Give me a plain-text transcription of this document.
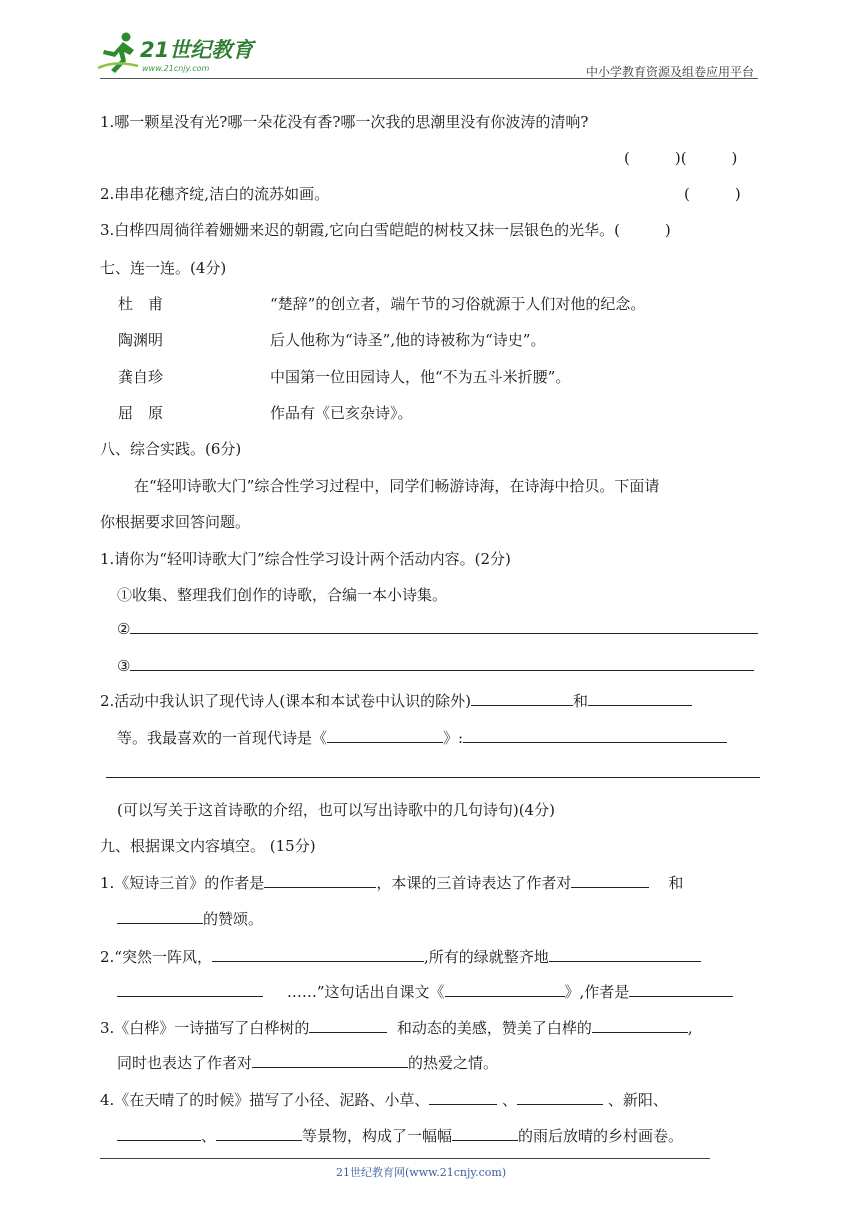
21世纪教育
www.21cnjy.com	中小学教育资源及组卷应用平台
1.哪一颗星没有光?哪一朵花没有香?哪一次我的思潮里没有你波涛的清响?
(　　　)(　　　)
2.串串花穗齐绽,洁白的流苏如画。	(　　　)
3.白桦四周徜徉着姗姗来迟的朝霞,它向白雪皑皑的树枝又抹一层银色的光华。(　　　)
七、连一连。(4分)
杜　甫	“楚辞”的创立者，端午节的习俗就源于人们对他的纪念。
陶渊明	后人他称为“诗圣”,他的诗被称为“诗史”。
龚自珍	中国第一位田园诗人，他“不为五斗米折腰”。
屈　原	作品有《已亥杂诗》。
八、综合实践。(6分)
在“轻叩诗歌大门”综合性学习过程中，同学们畅游诗海，在诗海中拾贝。下面请
你根据要求回答问题。
1.请你为“轻叩诗歌大门”综合性学习设计两个活动内容。(2分)
①收集、整理我们创作的诗歌，合编一本小诗集。
②
③
2.活动中我认识了现代诗人(课本和本试卷中认识的除外)	和
等。我最喜欢的一首现代诗是《	》:
(可以写关于这首诗歌的介绍，也可以写出诗歌中的几句诗句)(4分)
九、根据课文内容填空。 (15分)
1.《短诗三首》的作者是	，本课的三首诗表达了作者对	和
的赞颂。
2.“突然一阵风，	,所有的绿就整齐地
……”这句话出自课文《	》,作者是
3.《白桦》一诗描写了白桦树的	和动态的美感，赞美了白桦的	,
同时也表达了作者对	的热爱之情。
4.《在天晴了的时候》描写了小径、泥路、小草、	、	、新阳、
、	等景物，构成了一幅幅	的雨后放晴的乡村画卷。
21世纪教育网(www.21cnjy.com)
